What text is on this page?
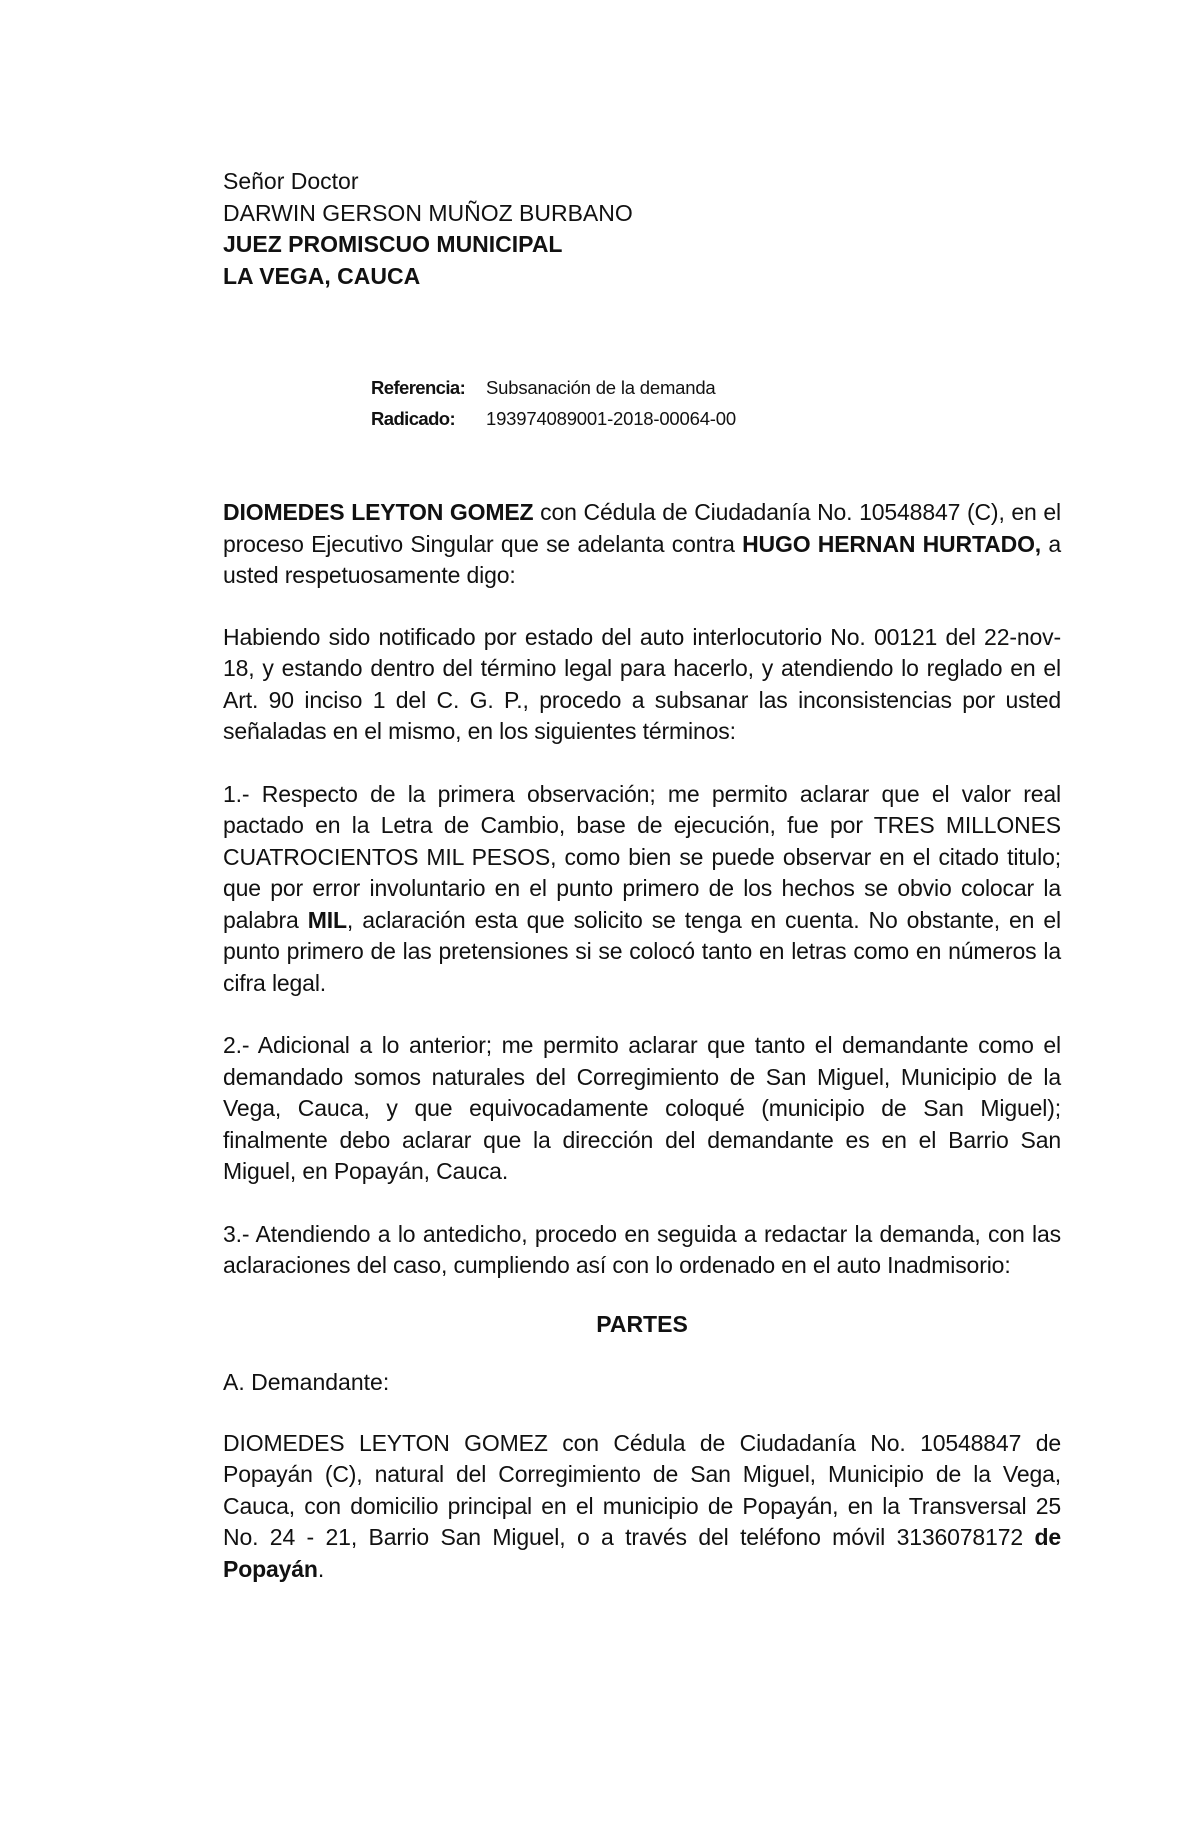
Señor Doctor
DARWIN GERSON MUÑOZ BURBANO
JUEZ PROMISCUO MUNICIPAL
LA VEGA, CAUCA
Referencia:	Subsanación de la demanda
Radicado:	193974089001-2018-00064-00

DIOMEDES LEYTON GOMEZ con Cédula de Ciudadanía No. 10548847 (C), en el proceso Ejecutivo Singular que se adelanta contra HUGO HERNAN HURTADO, a usted respetuosamente digo:

Habiendo sido notificado por estado del auto interlocutorio No. 00121 del 22-nov-18, y estando dentro del término legal para hacerlo, y atendiendo lo reglado en el Art. 90 inciso 1 del C. G. P., procedo a subsanar las inconsistencias por usted señaladas en el mismo, en los siguientes términos:

1.- Respecto de la primera observación; me permito aclarar que el valor real pactado en la Letra de Cambio, base de ejecución, fue por TRES MILLONES CUATROCIENTOS MIL PESOS, como bien se puede observar en el citado titulo; que por error involuntario en el punto primero de los hechos se obvio colocar la palabra MIL, aclaración esta que solicito se tenga en cuenta. No obstante, en el punto primero de las pretensiones si se colocó tanto en letras como en números la cifra legal.

2.- Adicional a lo anterior; me permito aclarar que tanto el demandante como el demandado somos naturales del Corregimiento de San Miguel, Municipio de la Vega, Cauca, y que equivocadamente coloqué (municipio de San Miguel); finalmente debo aclarar que la dirección del demandante es en el Barrio San Miguel, en Popayán, Cauca.

3.- Atendiendo a lo antedicho, procedo en seguida a redactar la demanda, con las aclaraciones del caso, cumpliendo así con lo ordenado en el auto Inadmisorio:

PARTES
A. Demandante:

DIOMEDES LEYTON GOMEZ con Cédula de Ciudadanía No. 10548847 de Popayán (C), natural del Corregimiento de San Miguel, Municipio de la Vega, Cauca, con domicilio principal en el municipio de Popayán, en la Transversal 25 No. 24 - 21, Barrio San Miguel, o a través del teléfono móvil 3136078172 de Popayán.
